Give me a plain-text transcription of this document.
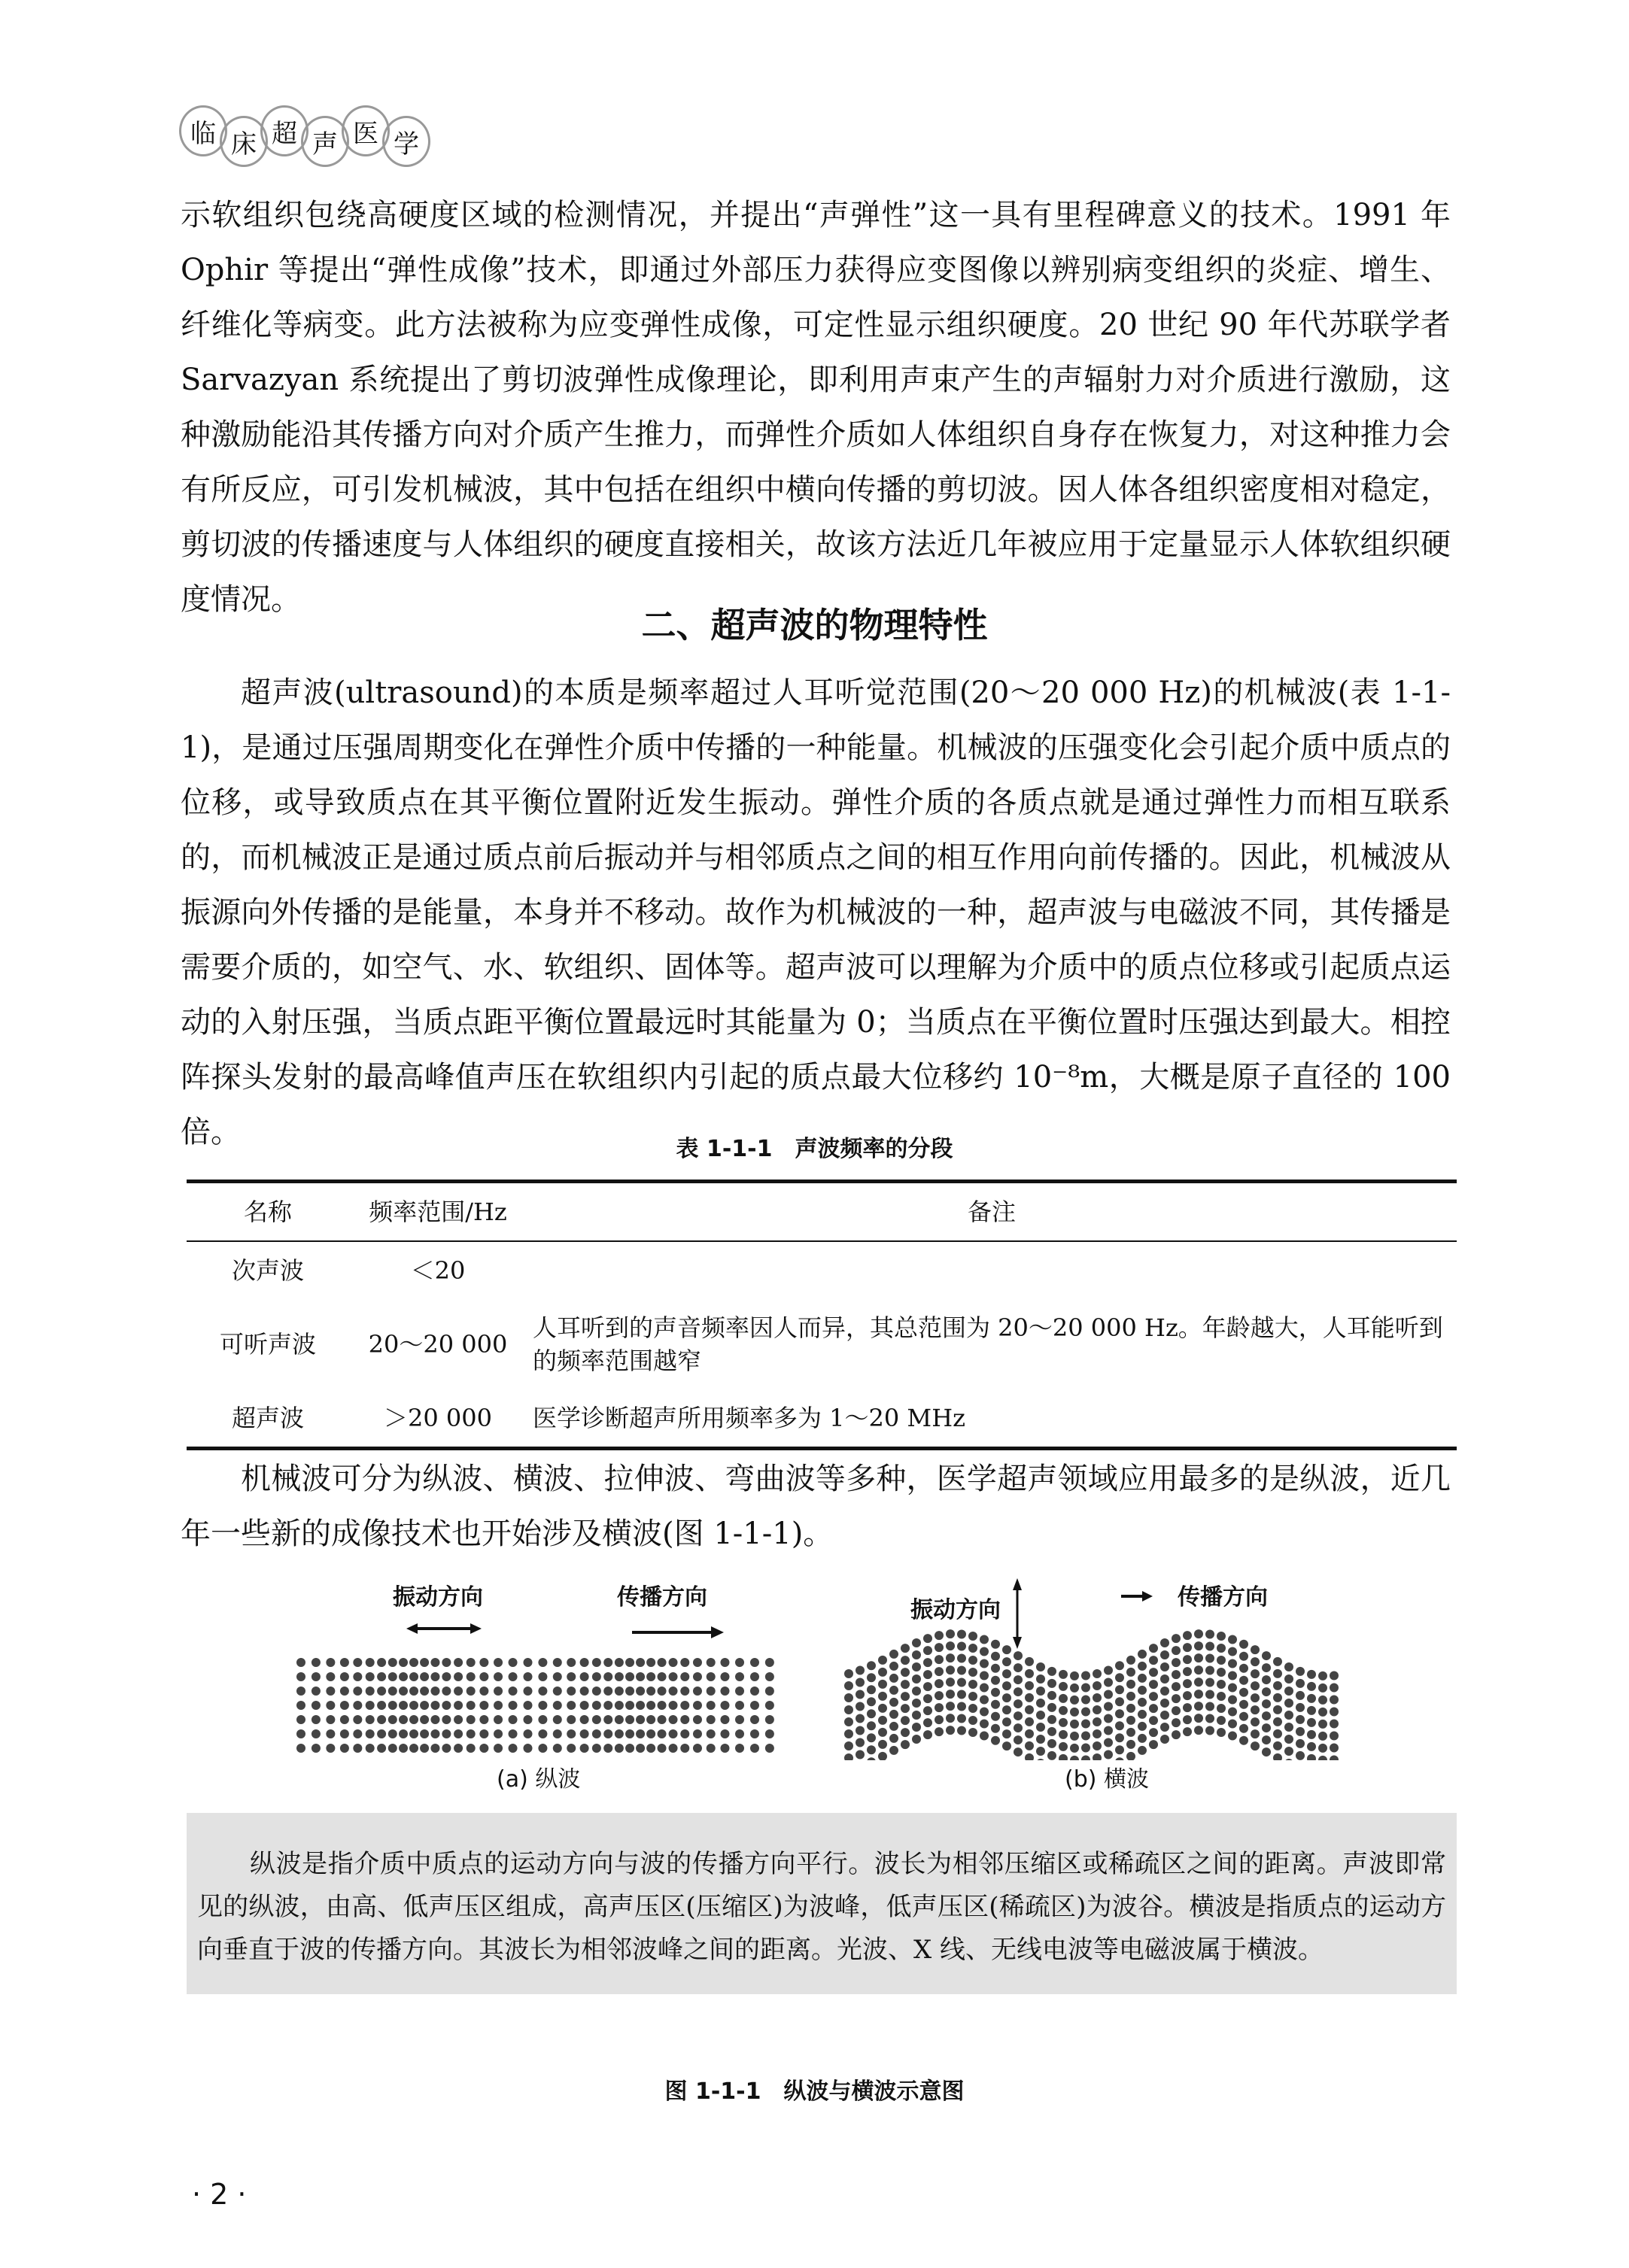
临 床 超 声 医 学

示软组织包绕高硬度区域的检测情况，并提出“声弹性”这一具有里程碑意义的技术。1991 年Ophir 等提出“弹性成像”技术，即通过外部压力获得应变图像以辨别病变组织的炎症、增生、纤维化等病变。此方法被称为应变弹性成像，可定性显示组织硬度。20 世纪 90 年代苏联学者 Sarvazyan 系统提出了剪切波弹性成像理论，即利用声束产生的声辐射力对介质进行激励，这种激励能沿其传播方向对介质产生推力，而弹性介质如人体组织自身存在恢复力，对这种推力会有所反应，可引发机械波，其中包括在组织中横向传播的剪切波。因人体各组织密度相对稳定，剪切波的传播速度与人体组织的硬度直接相关，故该方法近几年被应用于定量显示人体软组织硬度情况。

二、超声波的物理特性

超声波(ultrasound)的本质是频率超过人耳听觉范围(20～20 000 Hz)的机械波(表 1-1-1)，是通过压强周期变化在弹性介质中传播的一种能量。机械波的压强变化会引起介质中质点的位移，或导致质点在其平衡位置附近发生振动。弹性介质的各质点就是通过弹性力而相互联系的，而机械波正是通过质点前后振动并与相邻质点之间的相互作用向前传播的。因此，机械波从振源向外传播的是能量，本身并不移动。故作为机械波的一种，超声波与电磁波不同，其传播是需要介质的，如空气、水、软组织、固体等。超声波可以理解为介质中的质点位移或引起质点运动的入射压强，当质点距平衡位置最远时其能量为 0；当质点在平衡位置时压强达到最大。相控阵探头发射的最高峰值声压在软组织内引起的质点最大位移约 10⁻⁸m，大概是原子直径的 100 倍。	表 1-1-1　声波频率的分段
名称	频率范围/Hz	备注
次声波	＜20	
可听声波	20～20 000	人耳听到的声音频率因人而异，其总范围为 20～20 000 Hz。年龄越大，人耳能听到的频率范围越窄
超声波	＞20 000	医学诊断超声所用频率多为 1～20 MHz

机械波可分为纵波、横波、拉伸波、弯曲波等多种，医学超声领域应用最多的是纵波，近几年一些新的成像技术也开始涉及横波(图 1-1-1)。

振动方向	传播方向
(a) 纵波
振动方向	传播方向
(b) 横波
纵波是指介质中质点的运动方向与波的传播方向平行。波长为相邻压缩区或稀疏区之间的距离。声波即常见的纵波，由高、低声压区组成，高声压区(压缩区)为波峰，低声压区(稀疏区)为波谷。横波是指质点的运动方向垂直于波的传播方向。其波长为相邻波峰之间的距离。光波、X 线、无线电波等电磁波属于横波。
图 1-1-1　纵波与横波示意图
· 2 ·
